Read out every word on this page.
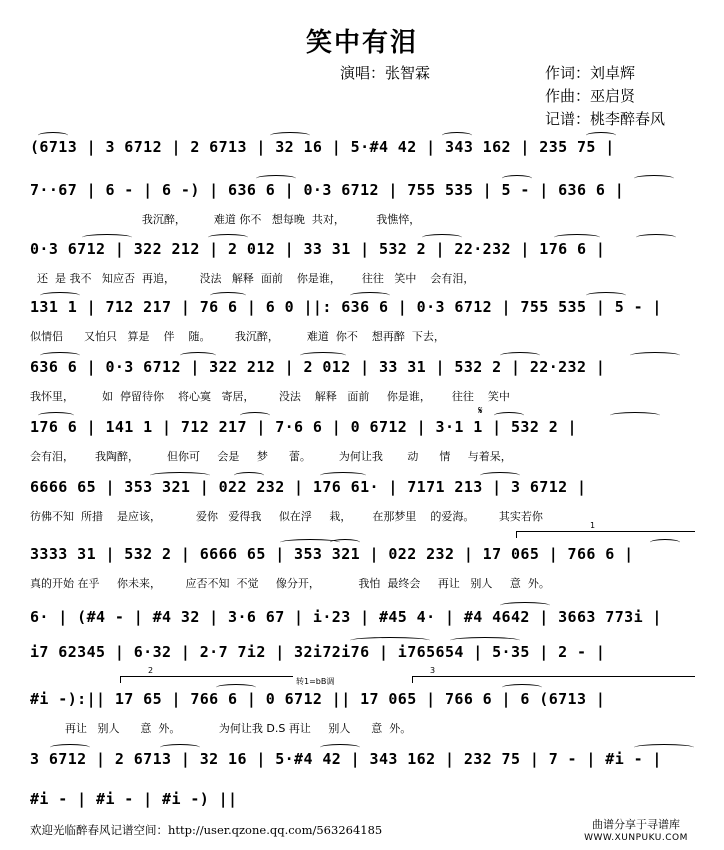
笑中有泪
演唱：张智霖	作词：刘卓辉
作曲：巫启贤
记谱：桃李醉春风
(6713 | 3 6712 | 2 6713 | 32 16 | 5·#4 42 | 343 162 | 235 75 |
7··67 | 6 - | 6 -) | 636 6 | 0·3 6712 | 755 535 | 5 - | 636 6 |
我沉醉，        难道 你不   想每晚  共对，         我憔悴，
0·3 6712 | 322 212 | 2 012 | 33 31 | 532 2 | 22·232 | 176 6 |
还  是 我不   知应否  再追，       没法   解释  面前    你是谁，      往往   笑中    会有泪，
131 1 | 712 217 | 76 6 | 6 0 ||: 636 6 | 0·3 6712 | 755 535 | 5 - |
似情侣      又怕只   算是    伴    随。       我沉醉，        难道  你不    想再醉  下去，
636 6 | 0·3 6712 | 322 212 | 2 012 | 33 31 | 532 2 | 22·232 |
我怀里，        如  停留待你    将心寞   寄居，       没法    解释   面前     你是谁，      往往    笑中
176 6 | 141 1 | 712 217 | 7·6 6 | 0 6712 | 3·1 1 | 532 2 |
会有泪，      我陶醉，        但你可     会是     梦      蕾。        为何让我       动      情     与着呆，
6666 65 | 353 321 | 022 232 | 176 61· | 7171 213 | 3 6712 |
彷佛不知  所措    是应该，          爱你   爱得我     似在浮     栽，      在那梦里    的爱海。       其实若你
3333 31 | 532 2 | 6666 65 | 353 321 | 022 232 | 17 065 | 766 6 |
真的开始 在乎     你未来，       应否不知  不觉     像分开，           我怕  最终会     再让   别人     意  外。
1
6· | (#4 - | #4 32 | 3·6 67 | i·23 | #45 4· | #4 4642 | 3663 773i |
i7 62345 | 6·32 | 2·7 7i2 | 32i72i76 | i765654 | 5·35 | 2 - |
#i -):|| 17 65 | 766 6 | 0 6712 || 17 065 | 766 6 | 6 (6713 |
再让   别人      意  外。           为何让我 D.S 再让     别人      意  外。
2	3
转1=bB调
3 6712 | 2 6713 | 32 16 | 5·#4 42 | 343 162 | 232 75 | 7 - | #i - |
#i - | #i - | #i -) ||
𝄋
欢迎光临醉春风记谱空间：http://user.qzone.qq.com/563264185	曲谱分享于寻谱库
WWW.XUNPUKU.COM
